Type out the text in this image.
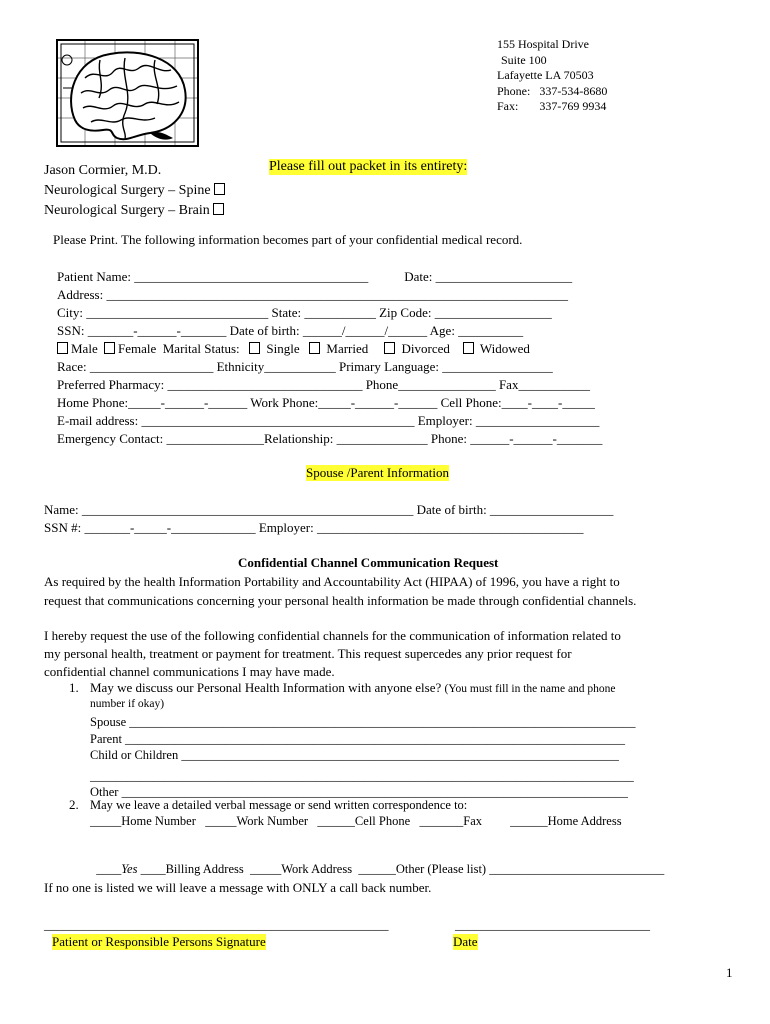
155 Hospital Drive
Suite 100
Lafayette LA 70503
Phone:   337-534-8680
Fax:       337-769 9934
Jason Cormier, M.D.
Neurological Surgery – Spine
Neurological Surgery – Brain
Please fill out packet in its entirety:
Please Print. The following information becomes part of your confidential medical record.
Patient Name: ____________________________________	Date: _____________________
Address: _______________________________________________________________________
City: ____________________________ State: ___________ Zip Code: __________________
SSN: _______-______-_______ Date of birth: ______/______/______ Age: __________
Male Female Marital Status: Single Married	Divorced Widowed
Race: ___________________ Ethnicity___________ Primary Language: _________________
Preferred Pharmacy: ______________________________ Phone_______________ Fax___________
Home Phone:_____-______-______ Work Phone:_____-______-______ Cell Phone:____-____-_____
E-mail address: __________________________________________ Employer: ___________________
Emergency Contact: _______________Relationship: ______________ Phone: ______-______-_______
Spouse /Parent Information
Name: ___________________________________________________ Date of birth: ___________________
SSN #: _______-_____-_____________ Employer: _________________________________________
Confidential Channel Communication Request
As required by the health Information Portability and Accountability Act (HIPAA) of 1996, you have a right to
request that communications concerning your personal health information be made through confidential channels.
I hereby request the use of the following confidential channels for the communication of information related to
my personal health, treatment or payment for treatment. This request supercedes any prior request for
confidential channel communications I may have made.
1. May we discuss our Personal Health Information with anyone else? (You must fill in the name and phone
number if okay)
Spouse _________________________________________________________________________________
Parent ________________________________________________________________________________
Child or Children ______________________________________________________________________
_______________________________________________________________________________________
Other _________________________________________________________________________________
2. May we leave a detailed verbal message or send written correspondence to:
_____Home Number   _____Work Number   ______Cell Phone   _______Fax         ______Home Address

____Yes ____Billing Address  _____Work Address  ______Other (Please list) ____________________________

If no one is listed we will leave a message with ONLY a call back number.
_____________________________________________________	______________________________
Patient or Responsible Persons Signature	Date
1
